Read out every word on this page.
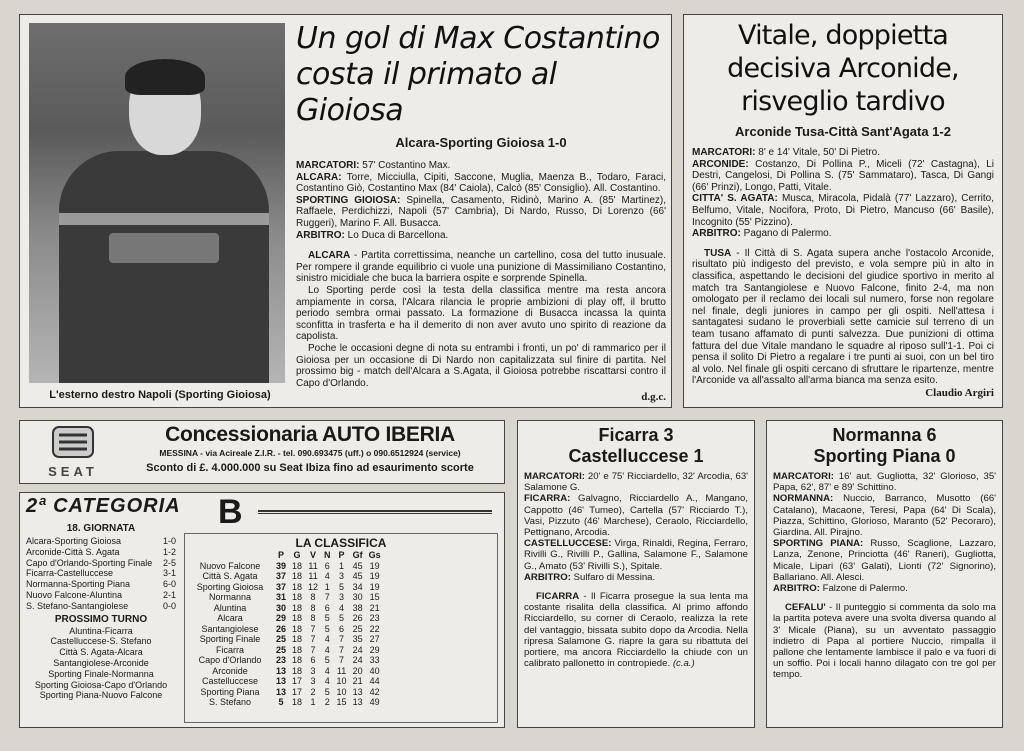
L'esterno destro Napoli (Sporting Gioiosa)
Un gol di Max Costantino costa il primato al Gioiosa
Alcara-Sporting Gioiosa 1-0
MARCATORI: 57' Costantino Max.
ALCARA: Torre, Micciulla, Cipiti, Saccone, Muglia, Maenza B., Todaro, Faraci, Costantino Giò, Costantino Max (84' Caiola), Calcò (85' Consiglio). All. Costantino.
SPORTING GIOIOSA: Spinella, Casamento, Ridinò, Marino A. (85' Martinez), Raffaele, Perdichizzi, Napoli (57' Cambria), Di Nardo, Russo, Di Lorenzo (66' Ruggeri), Marino F. All. Busacca.
ARBITRO: Lo Duca di Barcellona.
ALCARA - Partita correttissima, neanche un cartellino, cosa del tutto inusuale. Per rompere il grande equilibrio ci vuole una punizione di Massimiliano Costantino, sinistro micidiale che buca la barriera ospite e sorprende Spinella.
Lo Sporting perde così la testa della classifica mentre ma resta ancora ampiamente in corsa, l'Alcara rilancia le proprie ambizioni di play off, il brutto periodo sembra ormai passato. La formazione di Busacca incassa la quinta sconfitta in trasferta e ha il demerito di non aver avuto uno spirito di reazione da capolista.
Poche le occasioni degne di nota su entrambi i fronti, un po' di rammarico per il Gioiosa per un occasione di Di Nardo non capitalizzata sul finire di partita. Nel prossimo big - match dell'Alcara a S.Agata, il Gioiosa potrebbe riscattarsi contro il Capo d'Orlando.
d.g.c.
Vitale, doppietta decisiva Arconide, risveglio tardivo
Arconide Tusa-Città Sant'Agata 1-2
MARCATORI: 8' e 14' Vitale, 50' Di Pietro.
ARCONIDE: Costanzo, Di Pollina P., Miceli (72' Castagna), Li Destri, Cangelosi, Di Pollina S. (75' Sammataro), Tasca, Di Gangi (66' Prinzi), Longo, Patti, Vitale.
CITTA' S. AGATA: Musca, Miracola, Pidalà (77' Lazzaro), Cerrito, Belfumo, Vitale, Nocifora, Proto, Di Pietro, Mancuso (66' Basile), Incognito (55' Pizzino).
ARBITRO: Pagano di Palermo.
TUSA - Il Città di S. Agata supera anche l'ostacolo Arconide, risultato più indigesto del previsto, e vola sempre più in alto in classifica, aspettando le decisioni del giudice sportivo in merito al match tra Santangiolese e Nuovo Falcone, finito 2-4, ma non omologato per il reclamo dei locali sul numero, forse non regolare nel finale, degli juniores in campo per gli ospiti. Nell'attesa i santagatesi sudano le proverbiali sette camicie sul terreno di un team tusano affamato di punti salvezza. Due punizioni di ottima fattura del due Vitale mandano le squadre al riposo sull'1-1. Poi ci pensa il solito Di Pietro a regalare i tre punti ai suoi, con un bel tiro al volo. Nel finale gli ospiti cercano di sfruttare le ripartenze, mentre l'Arconide va all'assalto all'arma bianca ma senza esito.
Claudio Argiri
SEAT
Concessionaria AUTO IBERIA
MESSINA - via Acireale Z.I.R. - tel. 090.693475 (uff.) o 090.6512924 (service)
Sconto di £. 4.000.000 su Seat Ibiza fino ad esaurimento scorte
2ª CATEGORIA B
18. GIORNATA
Alcara-Sporting Gioiosa	1-0
Arconide-Città S. Agata	1-2
Capo d'Orlando-Sporting Finale 2-5
Ficarra-Castelluccese	3-1
Normanna-Sporting Piana	6-0
Nuovo Falcone-Aluntina	2-1
S. Stefano-Santangiolese	0-0
PROSSIMO TURNO
Aluntina-Ficarra
Castelluccese-S. Stefano
Città S. Agata-Alcara
Santangiolese-Arconide
Sporting Finale-Normanna
Sporting Gioiosa-Capo d'Orlando
Sporting Piana-Nuovo Falcone
LA CLASSIFICA
	P	G	V	N	P	Gf	Gs
Nuovo Falcone	39	18	11	6	1	45	19
Città S. Agata	37	18	11	4	3	45	19
Sporting Gioiosa	37	18	12	1	5	34	19
Normanna	31	18	8	7	3	30	15
Aluntina	30	18	8	6	4	38	21
Alcara	29	18	8	5	5	26	23
Santangiolese	26	18	7	5	6	25	22
Sporting Finale	25	18	7	4	7	35	27
Ficarra	25	18	7	4	7	24	29
Capo d'Orlando	23	18	6	5	7	24	33
Arconide	13	18	3	4	11	20	40
Castelluccese	13	17	3	4	10	21	44
Sporting Piana	13	17	2	5	10	13	42
S. Stefano	5	18	1	2	15	13	49
Ficarra 3
Castelluccese 1
MARCATORI: 20' e 75' Ricciardello, 32' Arcodia, 63' Salamone G.
FICARRA: Galvagno, Ricciardello A., Mangano, Cappotto (46' Tumeo), Cartella (57' Ricciardo T.), Vasi, Pizzuto (46' Marchese), Ceraolo, Ricciardello, Pettignano, Arcodia.
CASTELLUCCESE: Virga, Rinaldi, Regina, Ferraro, Rivilli G., Rivilli P., Gallina, Salamone F., Salamone G., Amato (53' Rivilli S.), Spitale.
ARBITRO: Sulfaro di Messina.
FICARRA - Il Ficarra prosegue la sua lenta ma costante risalita della classifica. Al primo affondo Ricciardello, su corner di Ceraolo, realizza la rete del vantaggio, bissata subito dopo da Arcodia. Nella ripresa Salamone G. riapre la gara su ribattuta del portiere, ma ancora Ricciardello la chiude con un calibrato pallonetto in contropiede. (c.a.)
Normanna 6
Sporting Piana 0
MARCATORI: 16' aut. Gugliotta, 32' Glorioso, 35' Papa, 62', 87' e 89' Schittino.
NORMANNA: Nuccio, Barranco, Musotto (66' Catalano), Macaone, Teresi, Papa (64' Di Scala), Piazza, Schittino, Glorioso, Maranto (52' Pecoraro), Giardina. All. Pirajno.
SPORTING PIANA: Russo, Scaglione, Lazzaro, Lanza, Zenone, Princiotta (46' Raneri), Gugliotta, Micale, Lipari (63' Galati), Lionti (72' Signorino), Ballariano. All. Alesci.
ARBITRO: Falzone di Palermo.
CEFALU' - Il punteggio si commenta da solo ma la partita poteva avere una svolta diversa quando al 3' Micale (Piana), su un avventato passaggio indietro di Papa al portiere Nuccio, rimpalla il pallone che lentamente lambisce il palo e va fuori di un soffio. Poi i locali hanno dilagato con tre gol per tempo.
